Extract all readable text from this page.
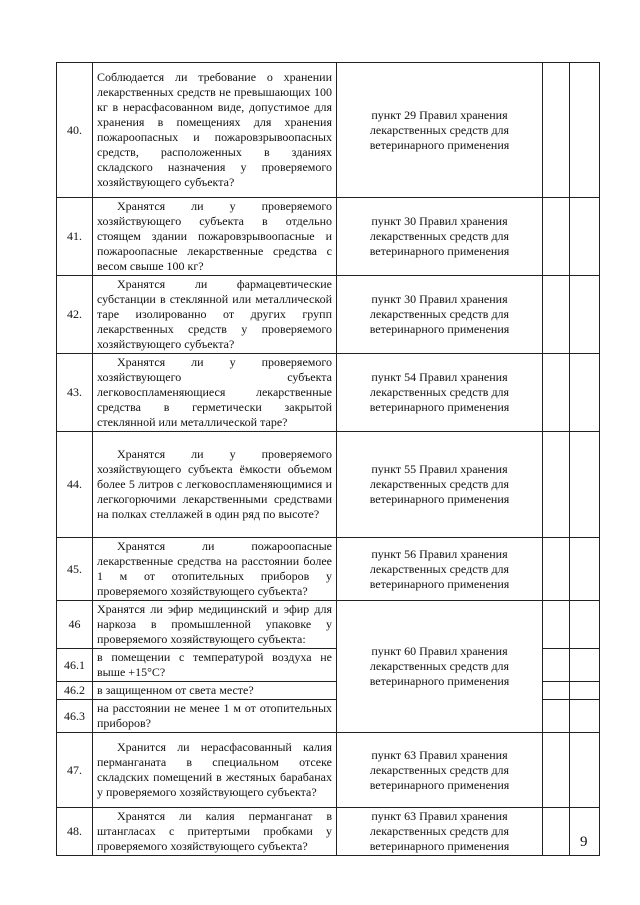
40.	Соблюдается ли требование о хранении лекарственных средств не превышающих 100 кг в нерасфасованном виде, допустимое для хранения в помещениях для хранения пожароопасных и пожаровзрывоопасных средств, расположенных в зданиях складского назначения у проверяемого хозяйствующего субъекта?	пункт 29 Правил хранения лекарственных средств для ветеринарного применения		
41.	Хранятся ли у проверяемого хозяйствующего субъекта в отдельно стоящем здании пожаровзрывоопасные и пожароопасные лекарственные средства с весом свыше 100 кг?	пункт 30 Правил хранения лекарственных средств для ветеринарного применения		
42.	Хранятся ли фармацевтические субстанции в стеклянной или металлической таре изолированно от других групп лекарственных средств у проверяемого хозяйствующего субъекта?	пункт 30 Правил хранения лекарственных средств для ветеринарного применения		
43.	Хранятся ли у проверяемого хозяйствующего субъекта легковоспламеняющиеся лекарственные средства в герметически закрытой стеклянной или металлической таре?	пункт 54 Правил хранения лекарственных средств для ветеринарного применения		
44.	Хранятся ли у проверяемого хозяйствующего субъекта ёмкости объемом более 5 литров с легковоспламеняющимися и легкогорючими лекарственными средствами на полках стеллажей в один ряд по высоте?	пункт 55 Правил хранения лекарственных средств для ветеринарного применения		
45.	Хранятся ли пожароопасные лекарственные средства на расстоянии более 1 м от отопительных приборов у проверяемого хозяйствующего субъекта?	пункт 56 Правил хранения лекарственных средств для ветеринарного применения		
46	Хранятся ли эфир медицинский и эфир для наркоза в промышленной упаковке у проверяемого хозяйствующего субъекта:	пункт 60 Правил хранения лекарственных средств для ветеринарного применения		
46.1	в помещении с температурой воздуха не выше +15°C?			

46.2	в защищенном от света месте?			

46.3	на расстоянии не менее 1 м от отопительных приборов?			

47.	Хранится ли нерасфасованный калия перманганата в специальном отсеке складских помещений в жестяных барабанах у проверяемого хозяйствующего субъекта?	пункт 63 Правил хранения лекарственных средств для ветеринарного применения		
48.	Хранятся ли калия перманганат в штангласах с притертыми пробками у проверяемого хозяйствующего субъекта?	пункт 63 Правил хранения лекарственных средств для ветеринарного применения			9
